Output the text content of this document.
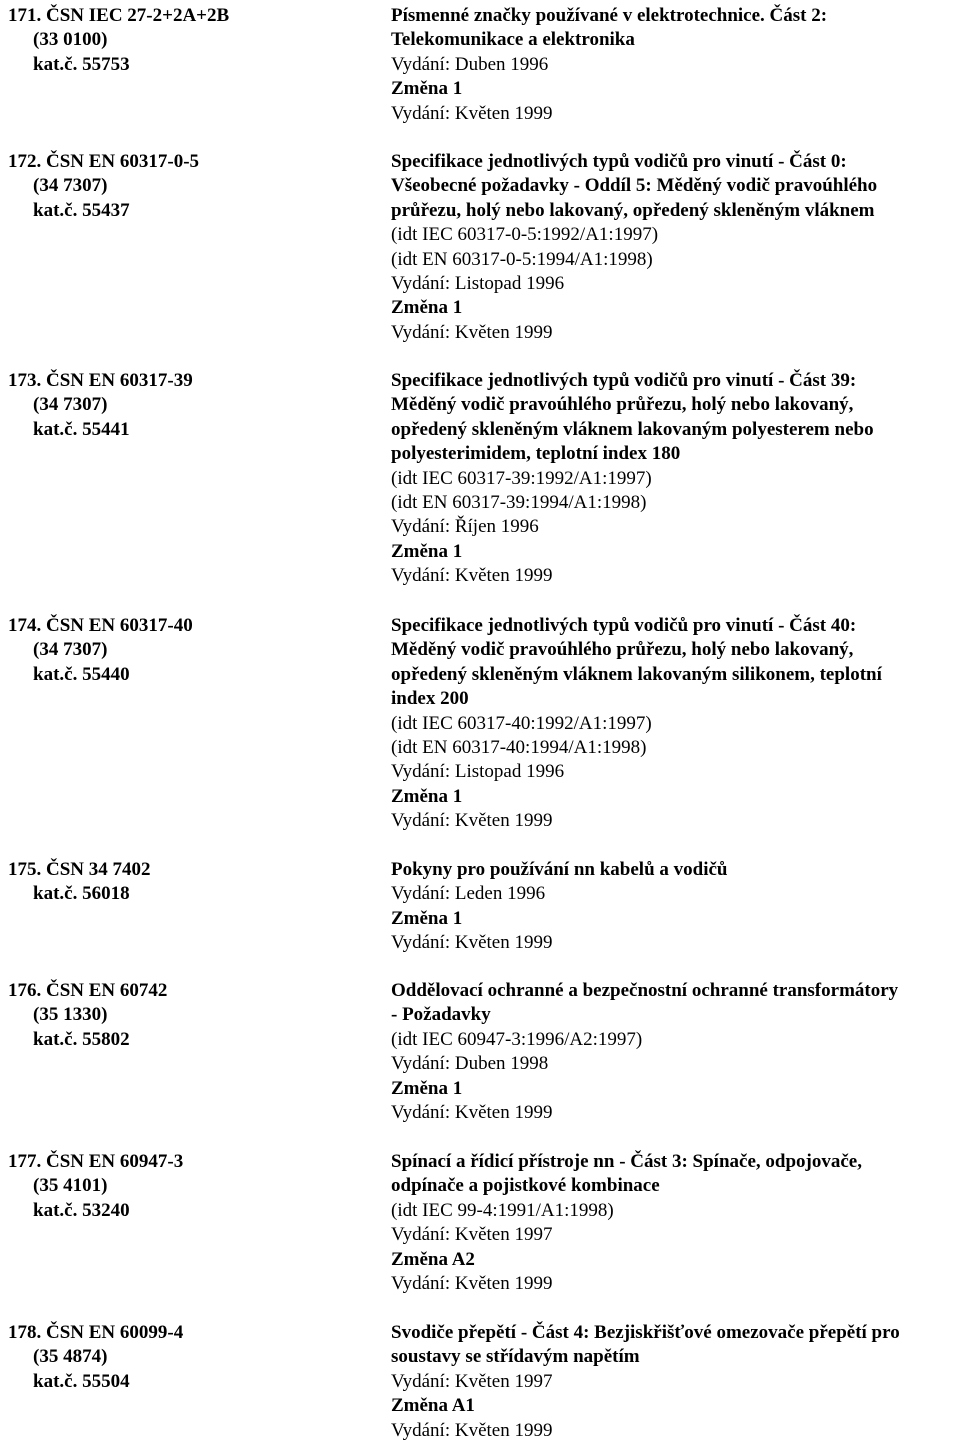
171. ČSN IEC 27-2+2A+2B
(33 0100)
kat.č. 55753
Písmenné značky používané v elektrotechnice. Část 2:
Telekomunikace a elektronika
Vydání: Duben 1996
Změna 1
Vydání: Květen 1999
172. ČSN EN 60317-0-5
(34 7307)
kat.č. 55437
Specifikace jednotlivých typů vodičů pro vinutí - Část 0:
Všeobecné požadavky - Oddíl 5: Měděný vodič pravoúhlého
průřezu, holý nebo lakovaný, opředený skleněným vláknem
(idt IEC 60317-0-5:1992/A1:1997)
(idt EN 60317-0-5:1994/A1:1998)
Vydání: Listopad 1996
Změna 1
Vydání: Květen 1999
173. ČSN EN 60317-39
(34 7307)
kat.č. 55441
Specifikace jednotlivých typů vodičů pro vinutí - Část 39:
Měděný vodič pravoúhlého průřezu, holý nebo lakovaný,
opředený skleněným vláknem lakovaným polyesterem nebo
polyesterimidem, teplotní index 180
(idt IEC 60317-39:1992/A1:1997)
(idt EN 60317-39:1994/A1:1998)
Vydání: Říjen 1996
Změna 1
Vydání: Květen 1999
174. ČSN EN 60317-40
(34 7307)
kat.č. 55440
Specifikace jednotlivých typů vodičů pro vinutí - Část 40:
Měděný vodič pravoúhlého průřezu, holý nebo lakovaný,
opředený skleněným vláknem lakovaným silikonem, teplotní
index 200
(idt IEC 60317-40:1992/A1:1997)
(idt EN 60317-40:1994/A1:1998)
Vydání: Listopad 1996
Změna 1
Vydání: Květen 1999
175. ČSN 34 7402
kat.č. 56018
Pokyny pro používání nn kabelů a vodičů
Vydání: Leden 1996
Změna 1
Vydání: Květen 1999
176. ČSN EN 60742
(35 1330)
kat.č. 55802
Oddělovací ochranné a bezpečnostní ochranné transformátory
- Požadavky
(idt IEC 60947-3:1996/A2:1997)
Vydání: Duben 1998
Změna 1
Vydání: Květen 1999
177. ČSN EN 60947-3
(35 4101)
kat.č. 53240
Spínací a řídicí přístroje nn - Část 3: Spínače, odpojovače,
odpínače a pojistkové kombinace
(idt IEC 99-4:1991/A1:1998)
Vydání: Květen 1997
Změna A2
Vydání: Květen 1999
178. ČSN EN 60099-4
(35 4874)
kat.č. 55504
Svodiče přepětí - Část 4: Bezjiskřišťové omezovače přepětí pro
soustavy se střídavým napětím
Vydání: Květen 1997
Změna A1
Vydání: Květen 1999
